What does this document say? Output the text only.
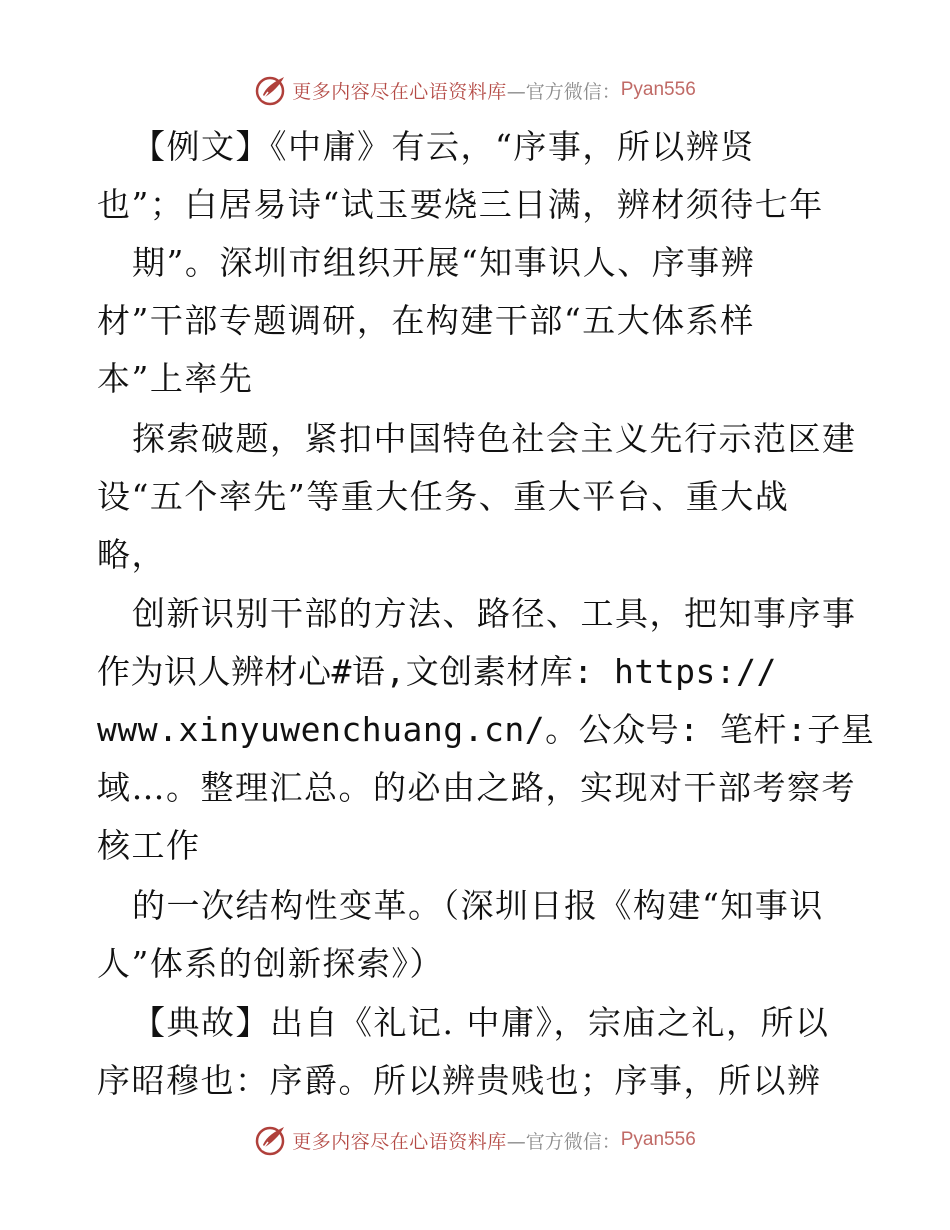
更多内容尽在心语资料库 —官方微信： Pyan556
【例文】《中庸》有云，“序事，所以辨贤
也”；白居易诗“试玉要烧三日满，辨材须待七年
期”。深圳市组织开展“知事识人、序事辨
材”干部专题调研，在构建干部“五大体系样
本”上率先
探索破题，紧扣中国特色社会主义先行示范区建
设“五个率先”等重大任务、重大平台、重大战
略，
创新识别干部的方法、路径、工具，把知事序事
作为识人辨材心#语,文创素材库: https://
www.xinyuwenchuang.cn/。公众号: 笔杆:子星
域…。整理汇总。的必由之路，实现对干部考察考
核工作
的一次结构性变革。（深圳日报《构建“知事识
人”体系的创新探索》）
【典故】出自《礼记. 中庸》，宗庙之礼，所以
序昭穆也：序爵。所以辨贵贱也；序事，所以辨
更多内容尽在心语资料库 —官方微信： Pyan556
